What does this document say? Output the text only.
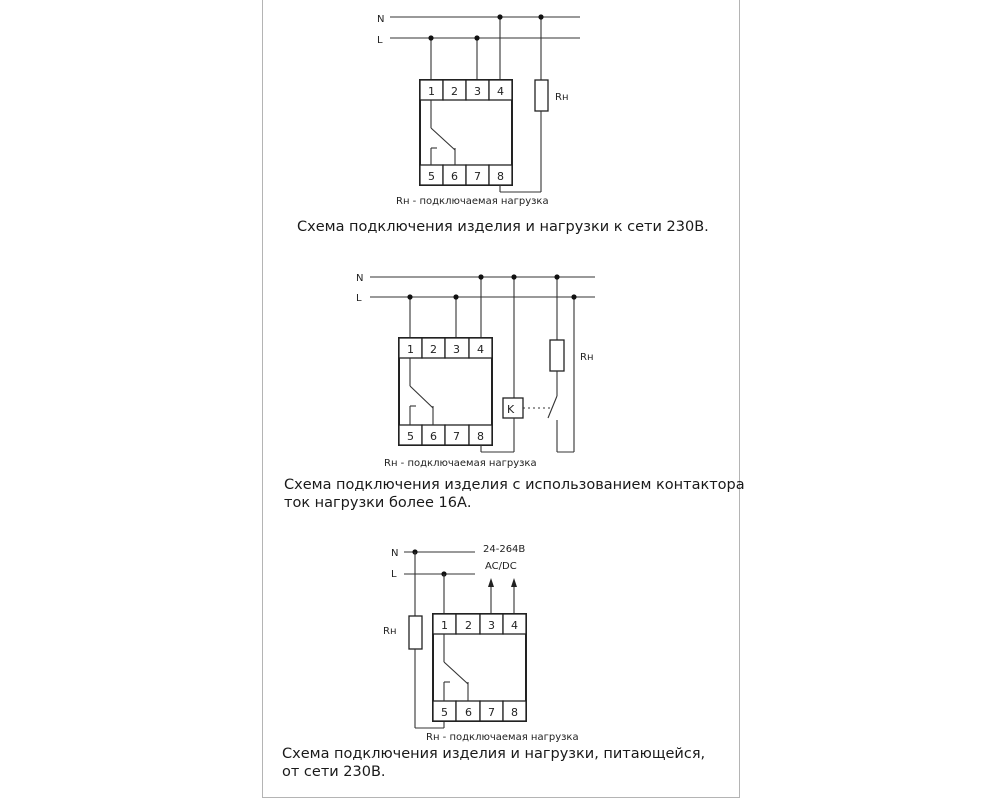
N
L
1 2 3 4
5 6 7 8
Rн
Rн - подключаемая нагрузка
N
L
1 2 3 4
5 6 7 8
K
Rн
Rн - подключаемая нагрузка
N
L
24-264В
AC/DC
Rн	1 2 3 4
5 6 7 8
Rн - подключаемая нагрузка
Схема подключения изделия и нагрузки к сети 230В.
Схема подключения изделия с использованием контактора
ток нагрузки более 16А.
Схема подключения изделия и нагрузки, питающейся,
от сети 230В.
